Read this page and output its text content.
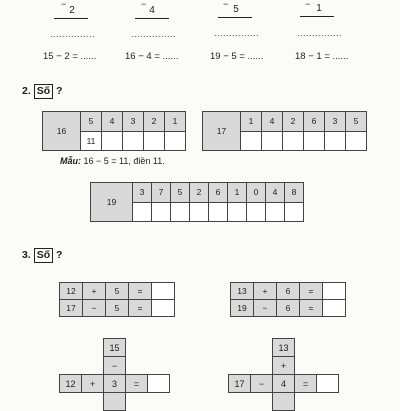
−
2
...............
15 − 2 = ......
−
4
...............
16 − 4 = ......
− 5
...............
19 − 5 = ......
− 1
...............
18 − 1 = ......
2. Số ?
16	5	4	3	2	1
	11				
17	1	4	2	6	3	5

Mẫu: 16 − 5 = 11, điền 11.
19	3	7	5	2	6	1	0	4	8

3. Số ?
12	+	5	=	
17	−	5	=	
13	+	6	=	
19	−	6	=	
15
−
12	+	3	=
13
+
17	−	4	=
